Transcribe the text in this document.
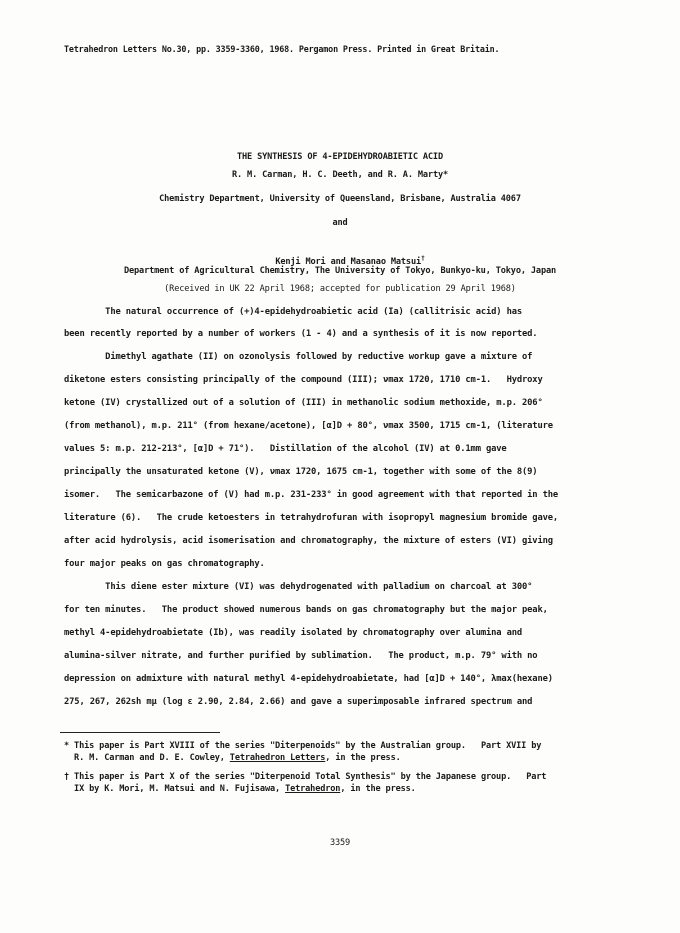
Tetrahedron Letters No.30, pp. 3359-3360, 1968. Pergamon Press. Printed in Great Britain.
THE SYNTHESIS OF 4-EPIDEHYDROABIETIC ACID
R. M. Carman, H. C. Deeth, and R. A. Marty*
Chemistry Department, University of Queensland, Brisbane, Australia 4067
and

Kenji Mori and Masanao Matsui†

Department of Agricultural Chemistry, The University of Tokyo, Bunkyo-ku, Tokyo, Japan
(Received in UK 22 April 1968; accepted for publication 29 April 1968)
The natural occurrence of (+)4-epidehydroabietic acid (Ia) (callitrisic acid) has
been recently reported by a number of workers (1 - 4) and a synthesis of it is now reported.
Dimethyl agathate (II) on ozonolysis followed by reductive workup gave a mixture of
diketone esters consisting principally of the compound (III); νmax 1720, 1710 cm-1.   Hydroxy
ketone (IV) crystallized out of a solution of (III) in methanolic sodium methoxide, m.p. 206°
(from methanol), m.p. 211° (from hexane/acetone), [α]D + 80°, νmax 3500, 1715 cm-1, (literature
values 5: m.p. 212-213°, [α]D + 71°).   Distillation of the alcohol (IV) at 0.1mm gave
principally the unsaturated ketone (V), νmax 1720, 1675 cm-1, together with some of the 8(9)
isomer.   The semicarbazone of (V) had m.p. 231-233° in good agreement with that reported in the
literature (6).   The crude ketoesters in tetrahydrofuran with isopropyl magnesium bromide gave,
after acid hydrolysis, acid isomerisation and chromatography, the mixture of esters (VI) giving
four major peaks on gas chromatography.
This diene ester mixture (VI) was dehydrogenated with palladium on charcoal at 300°
for ten minutes.   The product showed numerous bands on gas chromatography but the major peak,
methyl 4-epidehydroabietate (Ib), was readily isolated by chromatography over alumina and
alumina-silver nitrate, and further purified by sublimation.   The product, m.p. 79° with no
depression on admixture with natural methyl 4-epidehydroabietate, had [α]D + 140°, λmax(hexane)
275, 267, 262sh mμ (log ε 2.90, 2.84, 2.66) and gave a superimposable infrared spectrum and
* This paper is Part XVIII of the series "Diterpenoids" by the Australian group.   Part XVII by
R. M. Carman and D. E. Cowley, Tetrahedron Letters, in the press.
† This paper is Part X of the series "Diterpenoid Total Synthesis" by the Japanese group.   Part
IX by K. Mori, M. Matsui and N. Fujisawa, Tetrahedron, in the press.
3359
